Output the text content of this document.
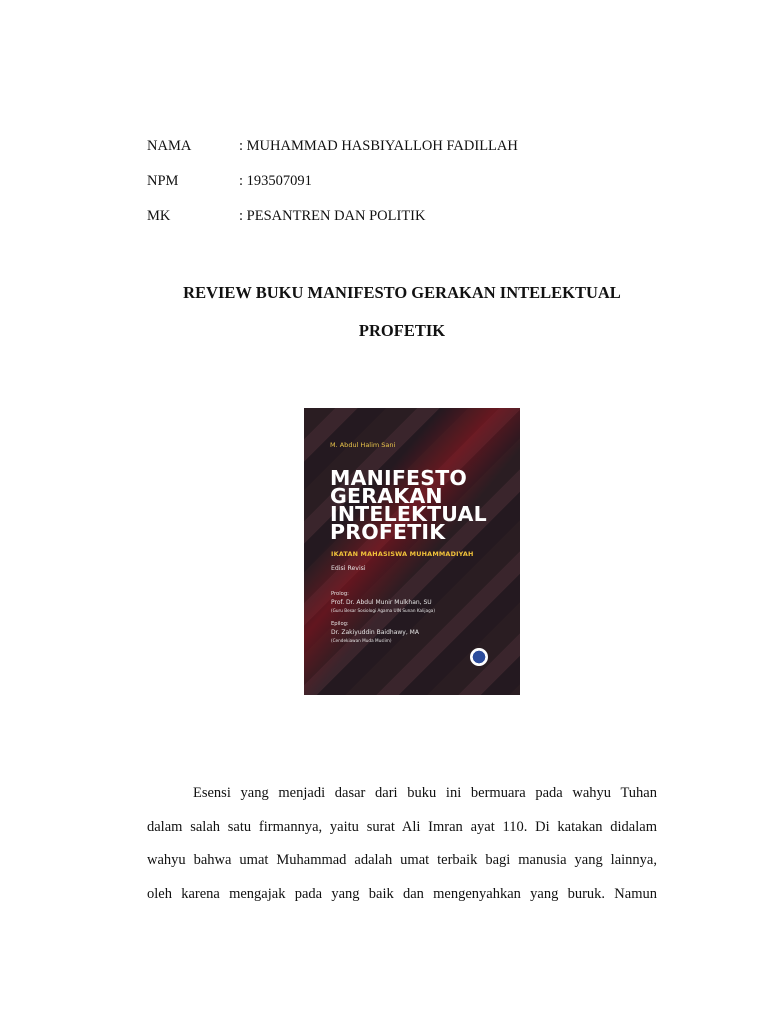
NAMA	: MUHAMMAD HASBIYALLOH FADILLAH
NPM	: 193507091
MK	: PESANTREN DAN POLITIK
REVIEW BUKU MANIFESTO GERAKAN INTELEKTUAL
PROFETIK
M. Abdul Halim Sani
MANIFESTO
GERAKAN
INTELEKTUAL
PROFETIK
IKATAN MAHASISWA MUHAMMADIYAH
Edisi Revisi
Prolog:
Prof. Dr. Abdul Munir Mulkhan, SU
(Guru Besar Sosiologi Agama UIN Sunan Kalijaga)
Epilog:
Dr. Zakiyuddin Baidhawy, MA
(Cendekiawan Muda Muslim)
Esensi yang menjadi dasar dari buku ini bermuara pada wahyu Tuhan
dalam salah satu firmannya, yaitu surat Ali Imran ayat 110. Di katakan didalam
wahyu bahwa umat Muhammad adalah umat terbaik bagi manusia yang lainnya,
oleh karena mengajak pada yang baik dan mengenyahkan yang buruk. Namun
